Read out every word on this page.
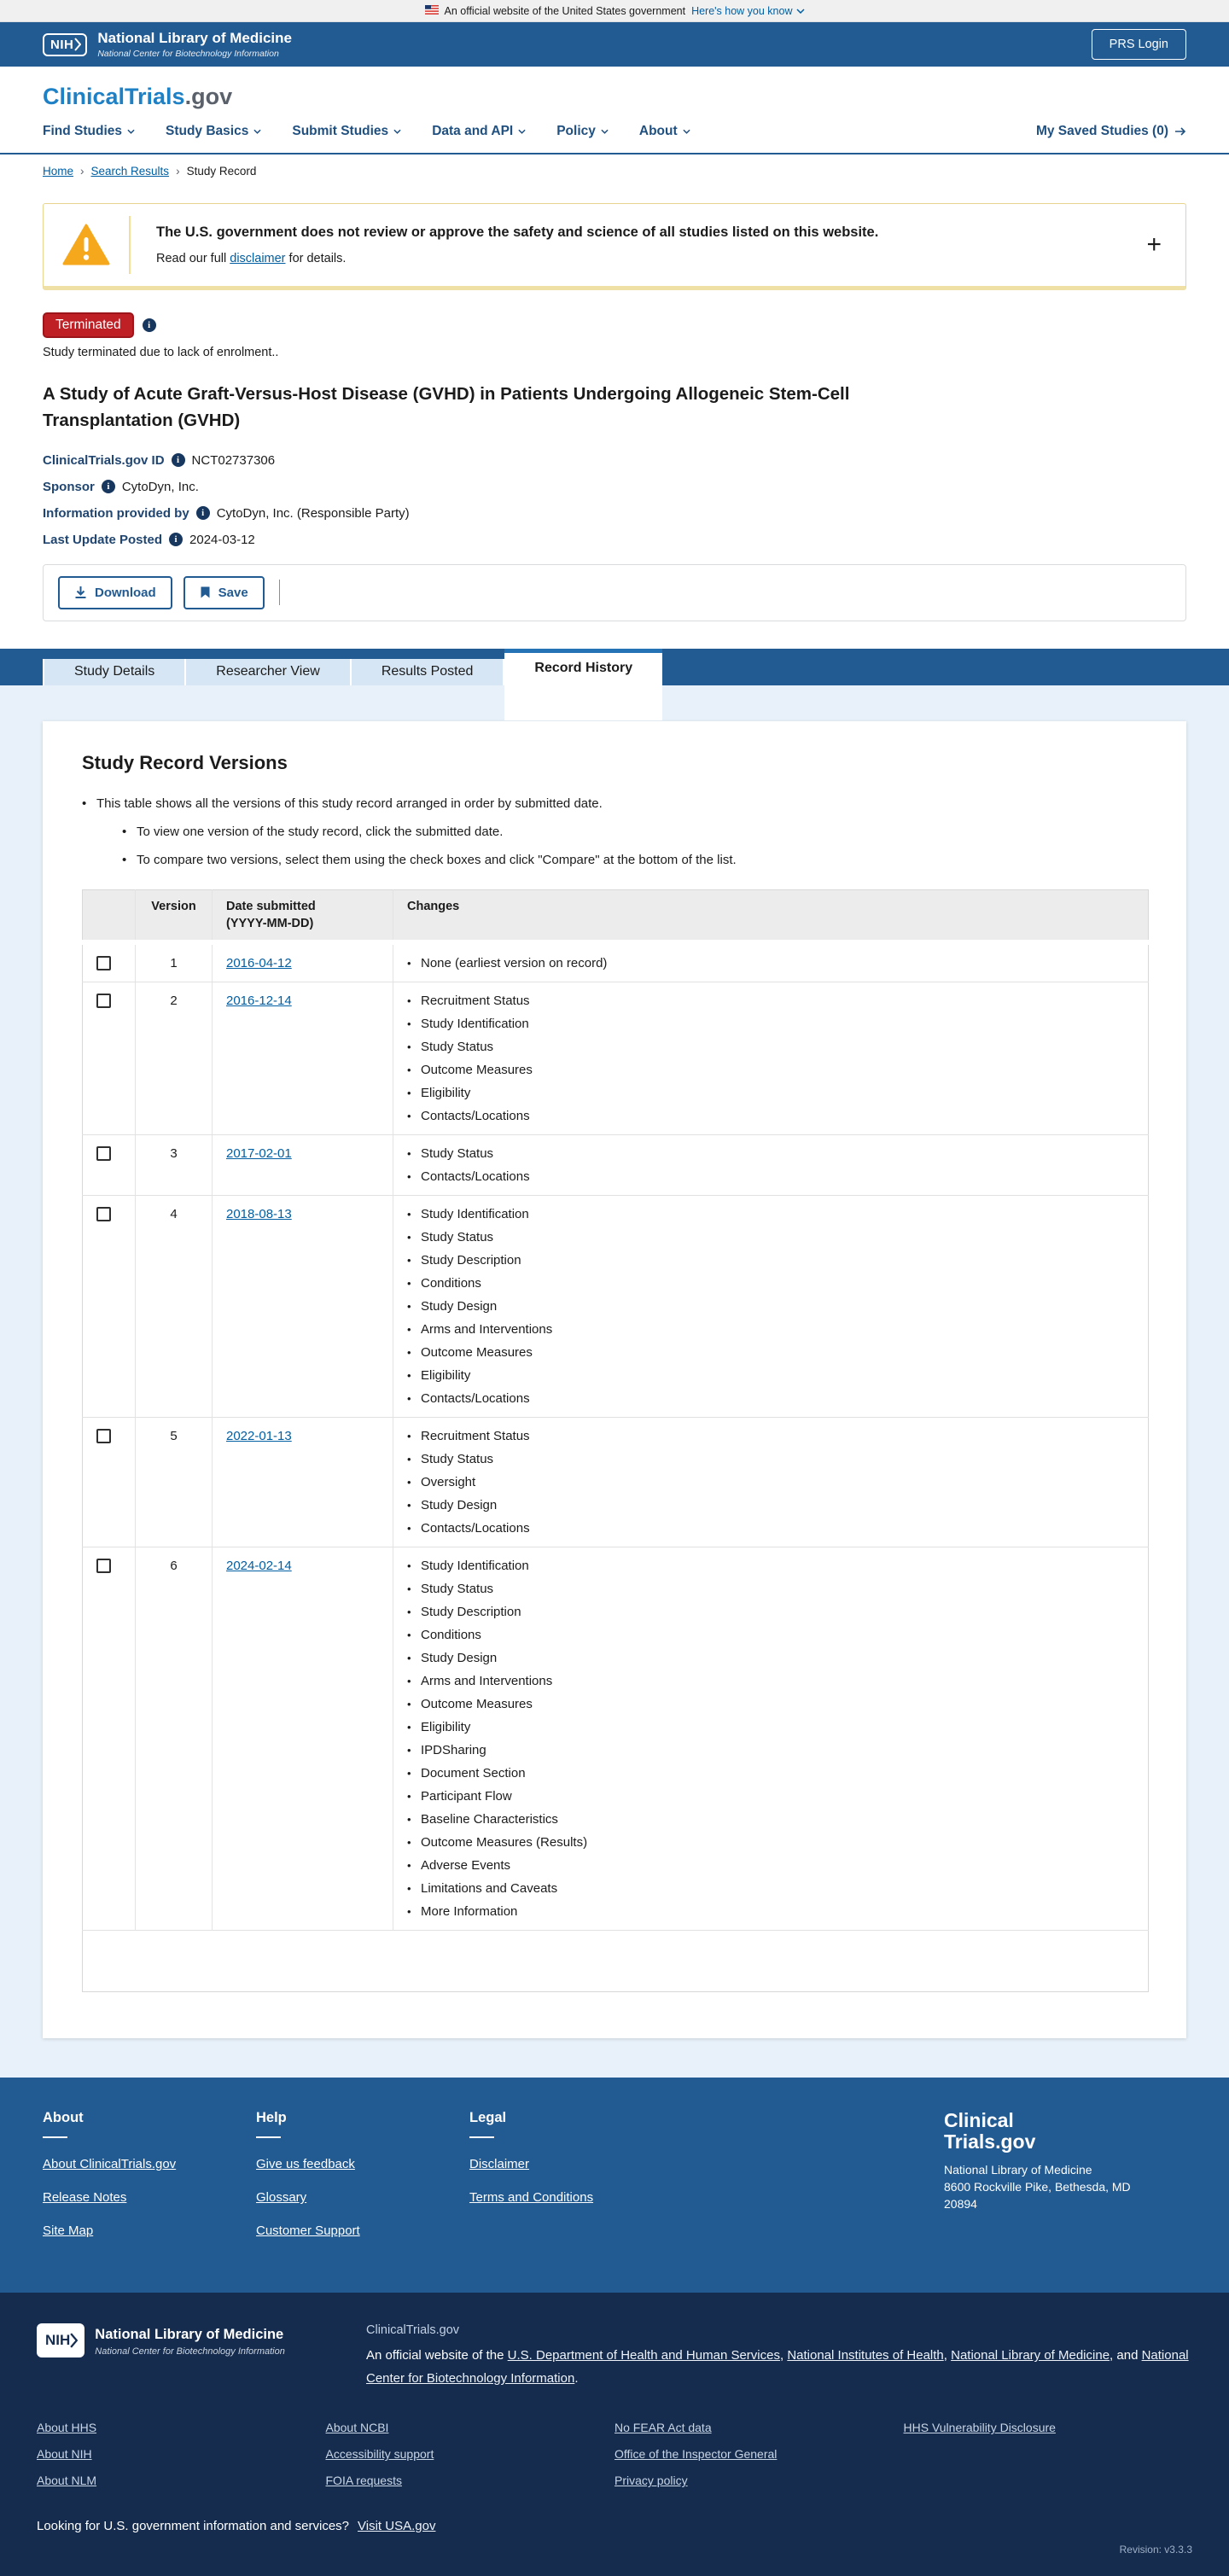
An official website of the United States government Here's how you know
NIH National Library of Medicine
National Center for Biotechnology Information
PRS Login
ClinicalTrials.gov
Find Studies	Study Basics	Submit Studies	Data and API	Policy	About	My Saved Studies (0)
Home › Search Results › Study Record
The U.S. government does not review or approve the safety and science of all studies listed on this website.
Read our full disclaimer for details.	+
Terminated	i
Study terminated due to lack of enrolment..
A Study of Acute Graft-Versus-Host Disease (GVHD) in Patients Undergoing Allogeneic Stem-Cell Transplantation (GVHD)
ClinicalTrials.gov ID	i NCT02737306
Sponsor	i CytoDyn, Inc.
Information provided by	i CytoDyn, Inc. (Responsible Party)
Last Update Posted	i 2024-03-12
Download	Save
Study Details	Researcher View	Results Posted	Record History
Study Record Versions
• This table shows all the versions of this study record arranged in order by submitted date.
• To view one version of the study record, click the submitted date.
• To compare two versions, select them using the check boxes and click "Compare" at the bottom of the list.
	Version	Date submitted
(YYYY-MM-DD)	Changes

	1	2016-04-12	
•None (earliest version on record)

	2	2016-12-14	
•Recruitment Status
• Study Identification
• Study Status
• Outcome Measures
• Eligibility
• Contacts/Locations

	3	2017-02-01	
•Study Status
• Contacts/Locations

	4	2018-08-13	
•Study Identification
• Study Status
• Study Description
• Conditions
• Study Design
• Arms and Interventions
• Outcome Measures
• Eligibility
• Contacts/Locations

	5	2022-01-13	
•Recruitment Status
• Study Status
• Oversight
• Study Design
• Contacts/Locations

	6	2024-02-14	
•Study Identification
• Study Status
• Study Description
• Conditions
• Study Design
• Arms and Interventions
• Outcome Measures
• Eligibility
• IPDSharing
• Document Section
• Participant Flow
• Baseline Characteristics
• Outcome Measures (Results)
• Adverse Events
• Limitations and Caveats
• More Information

About
About ClinicalTrials.gov
Release Notes
Site Map
Help
Give us feedback
Glossary
Customer Support
Legal
Disclaimer
Terms and Conditions
Clinical
Trials.gov
National Library of Medicine
8600 Rockville Pike, Bethesda, MD
20894
NIH National Library of Medicine
National Center for Biotechnology Information
ClinicalTrials.gov
An official website of the U.S. Department of Health and Human Services, National Institutes of Health, National Library of Medicine, and National Center for Biotechnology Information.
About HHS
About NIH
About NLM
About NCBI
Accessibility support
FOIA requests
No FEAR Act data
Office of the Inspector General
Privacy policy
HHS Vulnerability Disclosure
Looking for U.S. government information and services? Visit USA.gov
Revision: v3.3.3
